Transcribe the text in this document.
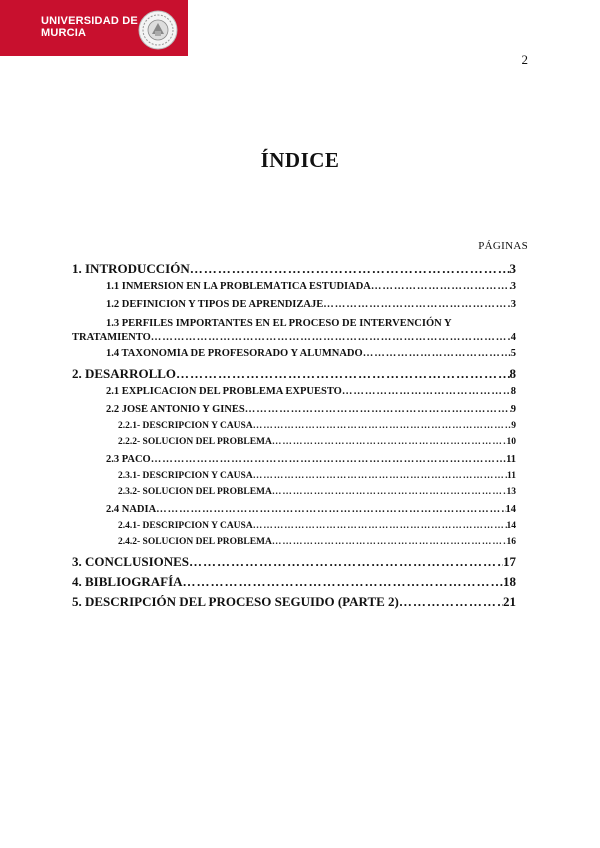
UNIVERSIDAD DE
MURCIA
2
ÍNDICE
PÁGINAS
1. INTRODUCCIÓN ……………………………………………………………………………………………………………………………………………………………………………………	3
1.1 INMERSIÓN EN LA PROBLEMÁTICA ESTUDIADA ……………………………………………………………………………………………………………………………………………………………………………………	3
1.2 DEFINICIÓN Y TIPOS DE APRENDIZAJE ……………………………………………………………………………………………………………………………………………………………………………………	3
1.3 PERFILES IMPORTANTES EN EL PROCESO DE INTERVENCIÓN Y
TRATAMIENTO ……………………………………………………………………………………………………………………………………………………………………………………	4
1.4 TAXONOMÍA DE PROFESORADO Y ALUMNADO ……………………………………………………………………………………………………………………………………………………………………………………	5
2. DESARROLLO ……………………………………………………………………………………………………………………………………………………………………………………	8
2.1 EXPLICACIÓN DEL PROBLEMA EXPUESTO ……………………………………………………………………………………………………………………………………………………………………………………	8
2.2 JOSÉ ANTONIO Y GINÉS ……………………………………………………………………………………………………………………………………………………………………………………	9
2.2.1- DESCRIPCIÓN Y CAUSA ……………………………………………………………………………………………………………………………………………………………………………………	9
2.2.2- SOLUCIÓN DEL PROBLEMA ……………………………………………………………………………………………………………………………………………………………………………………	10
2.3 PACO ……………………………………………………………………………………………………………………………………………………………………………………	11
2.3.1- DESCRIPCIÓN Y CAUSA ……………………………………………………………………………………………………………………………………………………………………………………	11
2.3.2- SOLUCIÓN DEL PROBLEMA ……………………………………………………………………………………………………………………………………………………………………………………	13
2.4 NADIA ……………………………………………………………………………………………………………………………………………………………………………………	14
2.4.1- DESCRIPCIÓN Y CAUSA ……………………………………………………………………………………………………………………………………………………………………………………	14
2.4.2- SOLUCIÓN DEL PROBLEMA ……………………………………………………………………………………………………………………………………………………………………………………	16
3. CONCLUSIONES ……………………………………………………………………………………………………………………………………………………………………………………	17
4. BIBLIOGRAFÍA ……………………………………………………………………………………………………………………………………………………………………………………	18
5. DESCRIPCIÓN DEL PROCESO SEGUIDO (PARTE 2) ……………………………………………………………………………………………………………………………………………………………………………………	21
